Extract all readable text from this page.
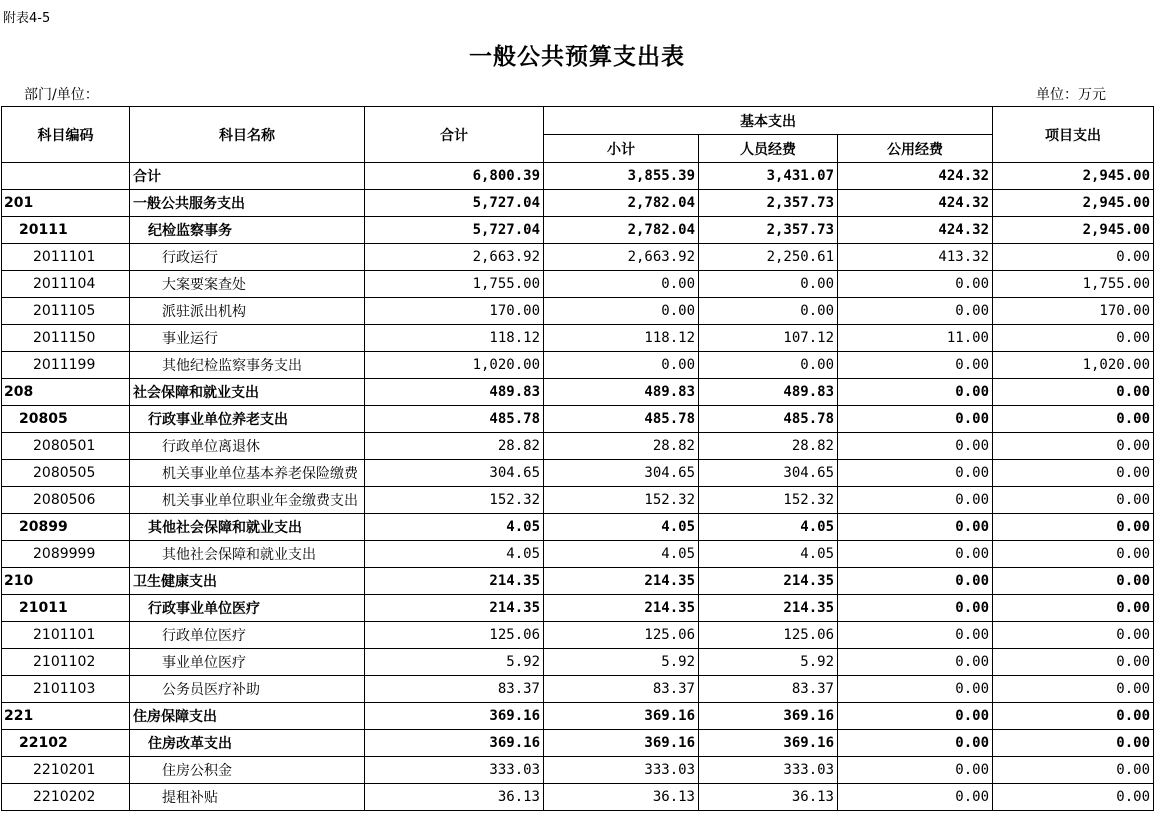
附表4-5
一般公共预算支出表
部门/单位：	单位：万元
科目编码	科目名称	合计	基本支出			项目支出
			小计	人员经费	公用经费	
	合计	6,800.39	3,855.39	3,431.07	424.32	2,945.00
201	一般公共服务支出	5,727.04	2,782.04	2,357.73	424.32	2,945.00
20111	纪检监察事务	5,727.04	2,782.04	2,357.73	424.32	2,945.00
2011101	行政运行	2,663.92	2,663.92	2,250.61	413.32	0.00
2011104	大案要案查处	1,755.00	0.00	0.00	0.00	1,755.00
2011105	派驻派出机构	170.00	0.00	0.00	0.00	170.00
2011150	事业运行	118.12	118.12	107.12	11.00	0.00
2011199	其他纪检监察事务支出	1,020.00	0.00	0.00	0.00	1,020.00
208	社会保障和就业支出	489.83	489.83	489.83	0.00	0.00
20805	行政事业单位养老支出	485.78	485.78	485.78	0.00	0.00
2080501	行政单位离退休	28.82	28.82	28.82	0.00	0.00
2080505	机关事业单位基本养老保险缴费	304.65	304.65	304.65	0.00	0.00
2080506	机关事业单位职业年金缴费支出	152.32	152.32	152.32	0.00	0.00
20899	其他社会保障和就业支出	4.05	4.05	4.05	0.00	0.00
2089999	其他社会保障和就业支出	4.05	4.05	4.05	0.00	0.00
210	卫生健康支出	214.35	214.35	214.35	0.00	0.00
21011	行政事业单位医疗	214.35	214.35	214.35	0.00	0.00
2101101	行政单位医疗	125.06	125.06	125.06	0.00	0.00
2101102	事业单位医疗	5.92	5.92	5.92	0.00	0.00
2101103	公务员医疗补助	83.37	83.37	83.37	0.00	0.00
221	住房保障支出	369.16	369.16	369.16	0.00	0.00
22102	住房改革支出	369.16	369.16	369.16	0.00	0.00
2210201	住房公积金	333.03	333.03	333.03	0.00	0.00
2210202	提租补贴	36.13	36.13	36.13	0.00	0.00
